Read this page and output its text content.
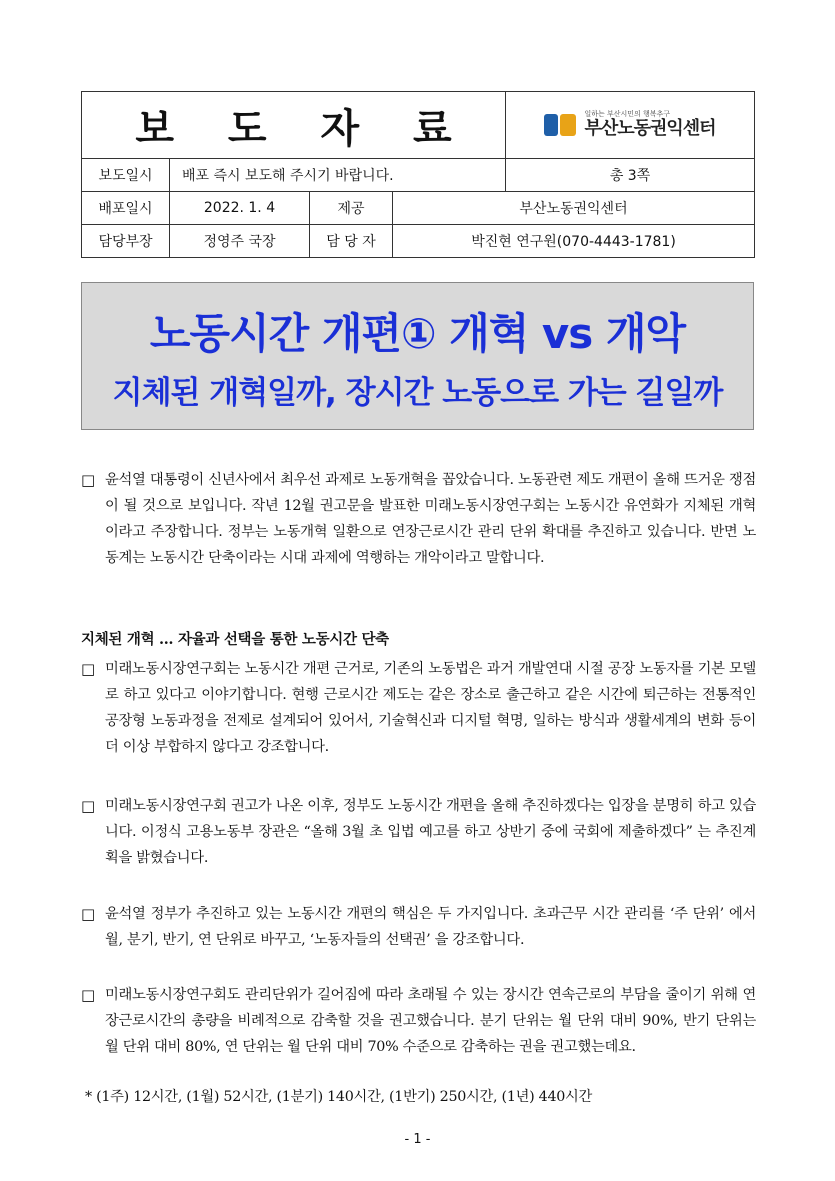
보 도 자 료				일하는 부산시민의 행복추구
부산노동권익센터

보도일시	배포 즉시 보도해 주시기 바랍니다.			총 3쪽
배포일시	2022. 1. 4	제공	부산노동권익센터	
담당부장	정영주 국장	담 당 자	박진현 연구원(070-4443-1781)	
노동시간 개편① 개혁 vs 개악
지체된 개혁일까, 장시간 노동으로 가는 길일까
□ 윤석열 대통령이 신년사에서 최우선 과제로 노동개혁을 꼽았습니다. 노동관련 제도 개편이 올해 뜨거운 쟁점이 될 것으로 보입니다. 작년 12월 권고문을 발표한 미래노동시장연구회는 노동시간 유연화가 지체된 개혁이라고 주장합니다. 정부는 노동개혁 일환으로 연장근로시간 관리 단위 확대를 추진하고 있습니다. 반면 노동계는 노동시간 단축이라는 시대 과제에 역행하는 개악이라고 말합니다.
지체된 개혁 … 자율과 선택을 통한 노동시간 단축
□ 미래노동시장연구회는 노동시간 개편 근거로, 기존의 노동법은 과거 개발연대 시절 공장 노동자를 기본 모델로 하고 있다고 이야기합니다. 현행 근로시간 제도는 같은 장소로 출근하고 같은 시간에 퇴근하는 전통적인 공장형 노동과정을 전제로 설계되어 있어서, 기술혁신과 디지털 혁명, 일하는 방식과 생활세계의 변화 등이 더 이상 부합하지 않다고 강조합니다.
□ 미래노동시장연구회 권고가 나온 이후, 정부도 노동시간 개편을 올해 추진하겠다는 입장을 분명히 하고 있습니다. 이정식 고용노동부 장관은 “올해 3월 초 입법 예고를 하고 상반기 중에 국회에 제출하겠다” 는 추진계획을 밝혔습니다.
□ 윤석열 정부가 추진하고 있는 노동시간 개편의 핵심은 두 가지입니다. 초과근무 시간 관리를 ‘주 단위’ 에서 월, 분기, 반기, 연 단위로 바꾸고, ‘노동자들의 선택권’ 을 강조합니다.
□ 미래노동시장연구회도 관리단위가 길어짐에 따라 초래될 수 있는 장시간 연속근로의 부담을 줄이기 위해 연장근로시간의 총량을 비례적으로 감축할 것을 권고했습니다. 분기 단위는 월 단위 대비 90%, 반기 단위는 월 단위 대비 80%, 연 단위는 월 단위 대비 70% 수준으로 감축하는 권을 권고했는데요.
* (1주) 12시간, (1월) 52시간, (1분기) 140시간, (1반기) 250시간, (1년) 440시간
- 1 -
